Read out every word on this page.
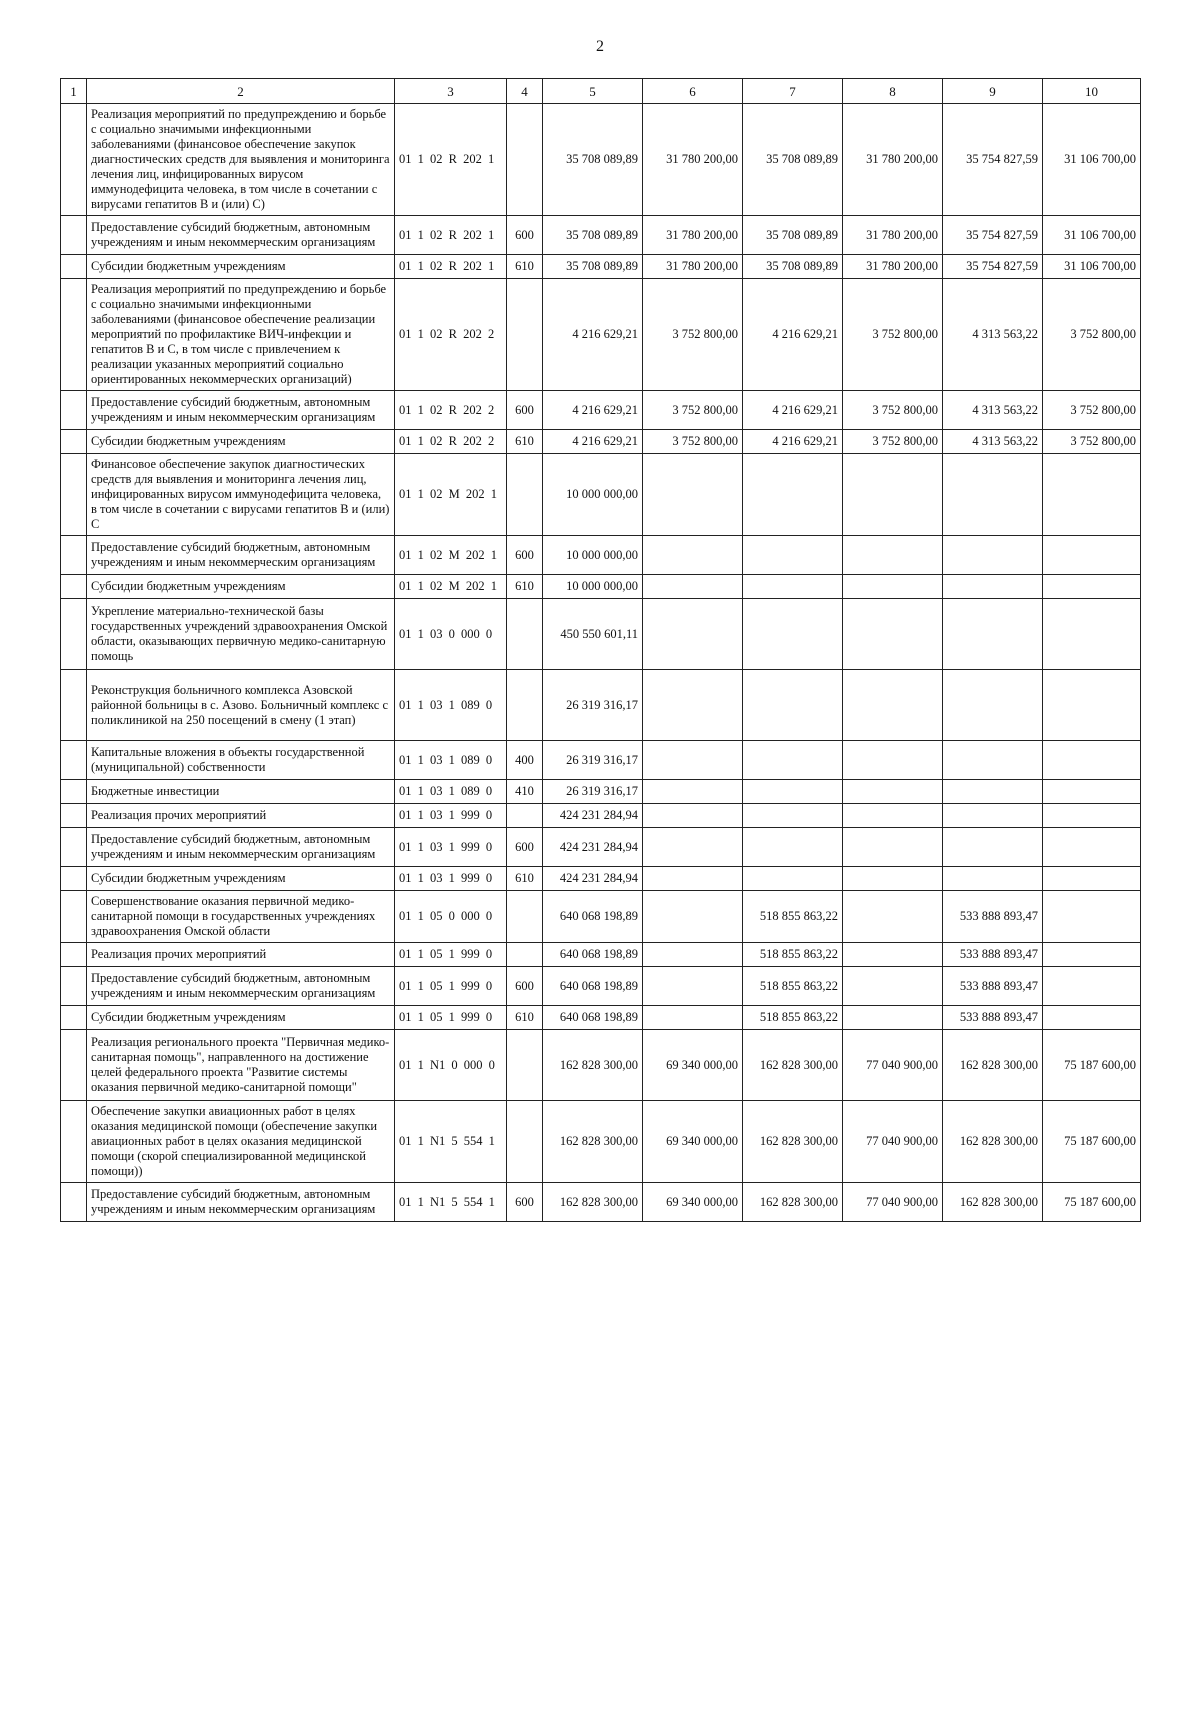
2
1	2	3	4	5	6	7	8	9	10
	Реализация мероприятий по предупреждению и борьбе с социально значимыми инфекционными заболеваниями (финансовое обеспечение закупок диагностических средств для выявления и мониторинга лечения лиц, инфицированных вирусом иммунодефицита человека, в том числе в сочетании с вирусами гепатитов В и (или) С)	01 1 02 R 202 1		35 708 089,89	31 780 200,00	35 708 089,89	31 780 200,00	35 754 827,59	31 106 700,00
	Предоставление субсидий бюджетным, автономным учреждениям и иным некоммерческим организациям	01 1 02 R 202 1	600	35 708 089,89	31 780 200,00	35 708 089,89	31 780 200,00	35 754 827,59	31 106 700,00
	Субсидии бюджетным учреждениям	01 1 02 R 202 1	610	35 708 089,89	31 780 200,00	35 708 089,89	31 780 200,00	35 754 827,59	31 106 700,00
	Реализация мероприятий по предупреждению и борьбе с социально значимыми инфекционными заболеваниями (финансовое обеспечение реализации мероприятий по профилактике ВИЧ-инфекции и гепатитов В и С, в том числе с привлечением к реализации указанных мероприятий социально ориентированных некоммерческих организаций)	01 1 02 R 202 2		4 216 629,21	3 752 800,00	4 216 629,21	3 752 800,00	4 313 563,22	3 752 800,00
	Предоставление субсидий бюджетным, автономным учреждениям и иным некоммерческим организациям	01 1 02 R 202 2	600	4 216 629,21	3 752 800,00	4 216 629,21	3 752 800,00	4 313 563,22	3 752 800,00
	Субсидии бюджетным учреждениям	01 1 02 R 202 2	610	4 216 629,21	3 752 800,00	4 216 629,21	3 752 800,00	4 313 563,22	3 752 800,00
	Финансовое обеспечение закупок диагностических средств для выявления и мониторинга лечения лиц, инфицированных вирусом иммунодефицита человека, в том числе в сочетании с вирусами гепатитов В и (или) С	01 1 02 M 202 1		10 000 000,00					
	Предоставление субсидий бюджетным, автономным учреждениям и иным некоммерческим организациям	01 1 02 M 202 1	600	10 000 000,00					
	Субсидии бюджетным учреждениям	01 1 02 M 202 1	610	10 000 000,00					
	Укрепление материально-технической базы государственных учреждений здравоохранения Омской области, оказывающих первичную медико-санитарную помощь	01 1 03 0 000 0		450 550 601,11					
	Реконструкция больничного комплекса Азовской районной больницы в с. Азово. Больничный комплекс с поликлиникой на 250 посещений в смену (1 этап)	01 1 03 1 089 0		26 319 316,17					
	Капитальные вложения в объекты государственной (муниципальной) собственности	01 1 03 1 089 0	400	26 319 316,17					
	Бюджетные инвестиции	01 1 03 1 089 0	410	26 319 316,17					
	Реализация прочих мероприятий	01 1 03 1 999 0		424 231 284,94					
	Предоставление субсидий бюджетным, автономным учреждениям и иным некоммерческим организациям	01 1 03 1 999 0	600	424 231 284,94					
	Субсидии бюджетным учреждениям	01 1 03 1 999 0	610	424 231 284,94					
	Совершенствование оказания первичной медико-санитарной помощи в государственных учреждениях здравоохранения Омской области	01 1 05 0 000 0		640 068 198,89		518 855 863,22		533 888 893,47	
	Реализация прочих мероприятий	01 1 05 1 999 0		640 068 198,89		518 855 863,22		533 888 893,47	
	Предоставление субсидий бюджетным, автономным учреждениям и иным некоммерческим организациям	01 1 05 1 999 0	600	640 068 198,89		518 855 863,22		533 888 893,47	
	Субсидии бюджетным учреждениям	01 1 05 1 999 0	610	640 068 198,89		518 855 863,22		533 888 893,47	
	Реализация регионального проекта "Первичная медико-санитарная помощь", направленного на достижение целей федерального проекта "Развитие системы оказания первичной медико-санитарной помощи"	01 1 N1 0 000 0		162 828 300,00	69 340 000,00	162 828 300,00	77 040 900,00	162 828 300,00	75 187 600,00
	Обеспечение закупки авиационных работ в целях оказания медицинской помощи (обеспечение закупки авиационных работ в целях оказания медицинской помощи (скорой специализированной медицинской помощи))	01 1 N1 5 554 1		162 828 300,00	69 340 000,00	162 828 300,00	77 040 900,00	162 828 300,00	75 187 600,00
	Предоставление субсидий бюджетным, автономным учреждениям и иным некоммерческим организациям	01 1 N1 5 554 1	600	162 828 300,00	69 340 000,00	162 828 300,00	77 040 900,00	162 828 300,00	75 187 600,00
